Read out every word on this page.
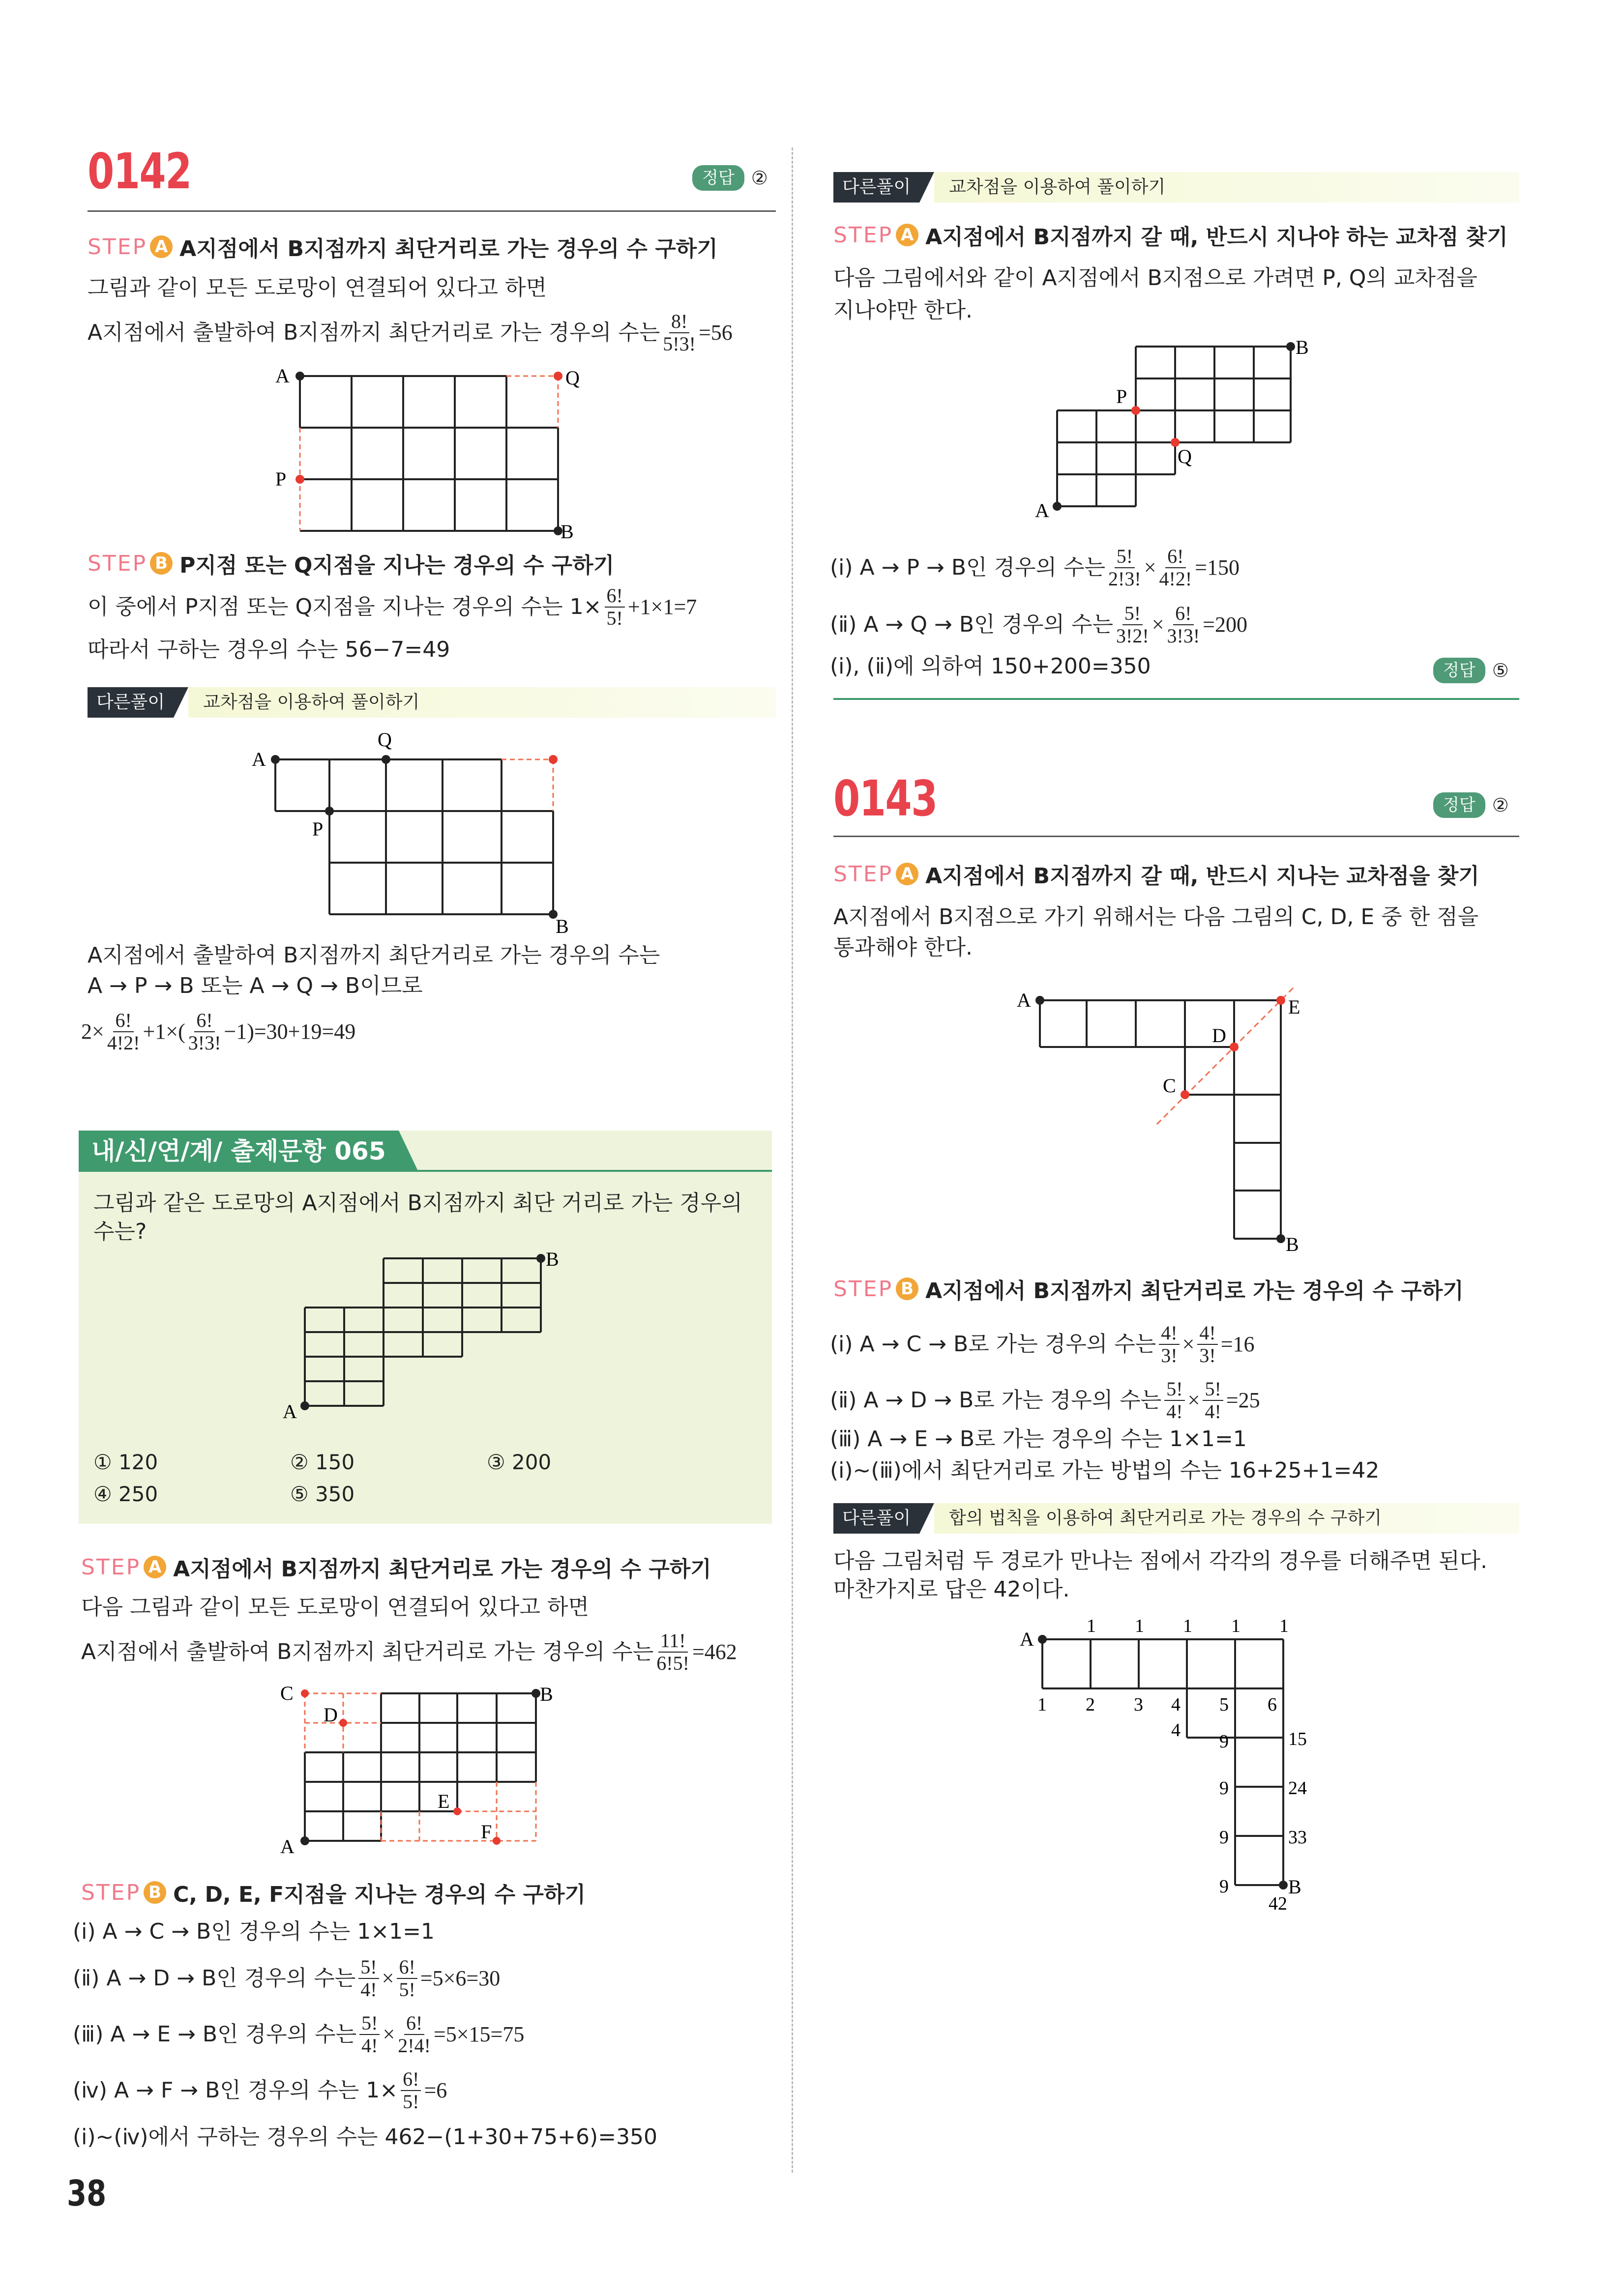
0142	정답 ②
STEP A A지점에서 B지점까지 최단거리로 가는 경우의 수 구하기
그림과 같이 모든 도로망이 연결되어 있다고 하면
A지점에서 출발하여 B지점까지 최단거리로 가는 경우의 수는 $\frac{8!}{5!3!} =56$
A	Q
P
B
STEP B P지점 또는 Q지점을 지나는 경우의 수 구하기
이 중에서 P지점 또는 Q지점을 지나는 경우의 수는 $1\times \frac{6!}{5!} +1\times 1=7$
따라서 구하는 경우의 수는 56−7=49
다른풀이	교차점을 이용하여 풀이하기
A
Q
P
B
A지점에서 출발하여 B지점까지 최단거리로 가는 경우의 수는
A → P → B 또는 A → Q → B이므로
$2\times \frac{6!}{4!2!} +1\times( \frac{6!}{3!3!} -1)=30+19=49$
내/신/연/계/ 출제문항 065
그림과 같은 도로망의 A지점에서 B지점까지 최단 거리로 가는 경우의
수는?
A
B
① 120	② 150	③ 200
④ 250	⑤ 350
STEP A A지점에서 B지점까지 최단거리로 가는 경우의 수 구하기
다음 그림과 같이 모든 도로망이 연결되어 있다고 하면
A지점에서 출발하여 B지점까지 최단거리로 가는 경우의 수는 $\frac{11!}{6!5!} =462$
C
D
E
F
A
B
STEP B C, D, E, F지점을 지나는 경우의 수 구하기
(ⅰ) A → C → B인 경우의 수는 1×1=1
(ⅱ) A → D → B인 경우의 수는 $\frac{5!}{4!} \times \frac{6!}{5!} =5\times 6=30$
(ⅲ) A → E → B인 경우의 수는 $\frac{5!}{4!} \times \frac{6!}{2!4!} =5\times 15=75$
(ⅳ) A → F → B인 경우의 수는 $1\times \frac{6!}{5!} =6$
(ⅰ)~(ⅳ)에서 구하는 경우의 수는 462−(1+30+75+6)=350
다른풀이	교차점을 이용하여 풀이하기
STEP A A지점에서 B지점까지 갈 때, 반드시 지나야 하는 교차점 찾기
다음 그림에서와 같이 A지점에서 B지점으로 가려면 P, Q의 교차점을
지나야만 한다.
A
B
P
Q
(ⅰ) A → P → B인 경우의 수는 $\frac{5!}{2!3!} \times \frac{6!}{4!2!} =150$
(ⅱ) A → Q → B인 경우의 수는 $\frac{5!}{3!2!} \times \frac{6!}{3!3!} =200$
(ⅰ), (ⅱ)에 의하여 150+200=350	정답 ⑤
0143	정답 ②
STEP A A지점에서 B지점까지 갈 때, 반드시 지나는 교차점을 찾기
A지점에서 B지점으로 가기 위해서는 다음 그림의 C, D, E 중 한 점을
통과해야 한다.
A	E
D
C
B
STEP B A지점에서 B지점까지 최단거리로 가는 경우의 수 구하기
(ⅰ) A → C → B로 가는 경우의 수는 $\frac{4!}{3!} \times \frac{4!}{3!} =16$
(ⅱ) A → D → B로 가는 경우의 수는 $\frac{5!}{4!} \times \frac{5!}{4!} =25$
(ⅲ) A → E → B로 가는 경우의 수는 1×1=1
(ⅰ)~(ⅲ)에서 최단거리로 가는 방법의 수는 16+25+1=42
다른풀이	합의 법칙을 이용하여 최단거리로 가는 경우의 수 구하기
다음 그림처럼 두 경로가 만나는 점에서 각각의 경우를 더해주면 된다.
마찬가지로 답은 42이다.
A
B
1 1 1 1 1
1 2 3 4 5 6
4
9
9
9
9
15
24
33
42
38
